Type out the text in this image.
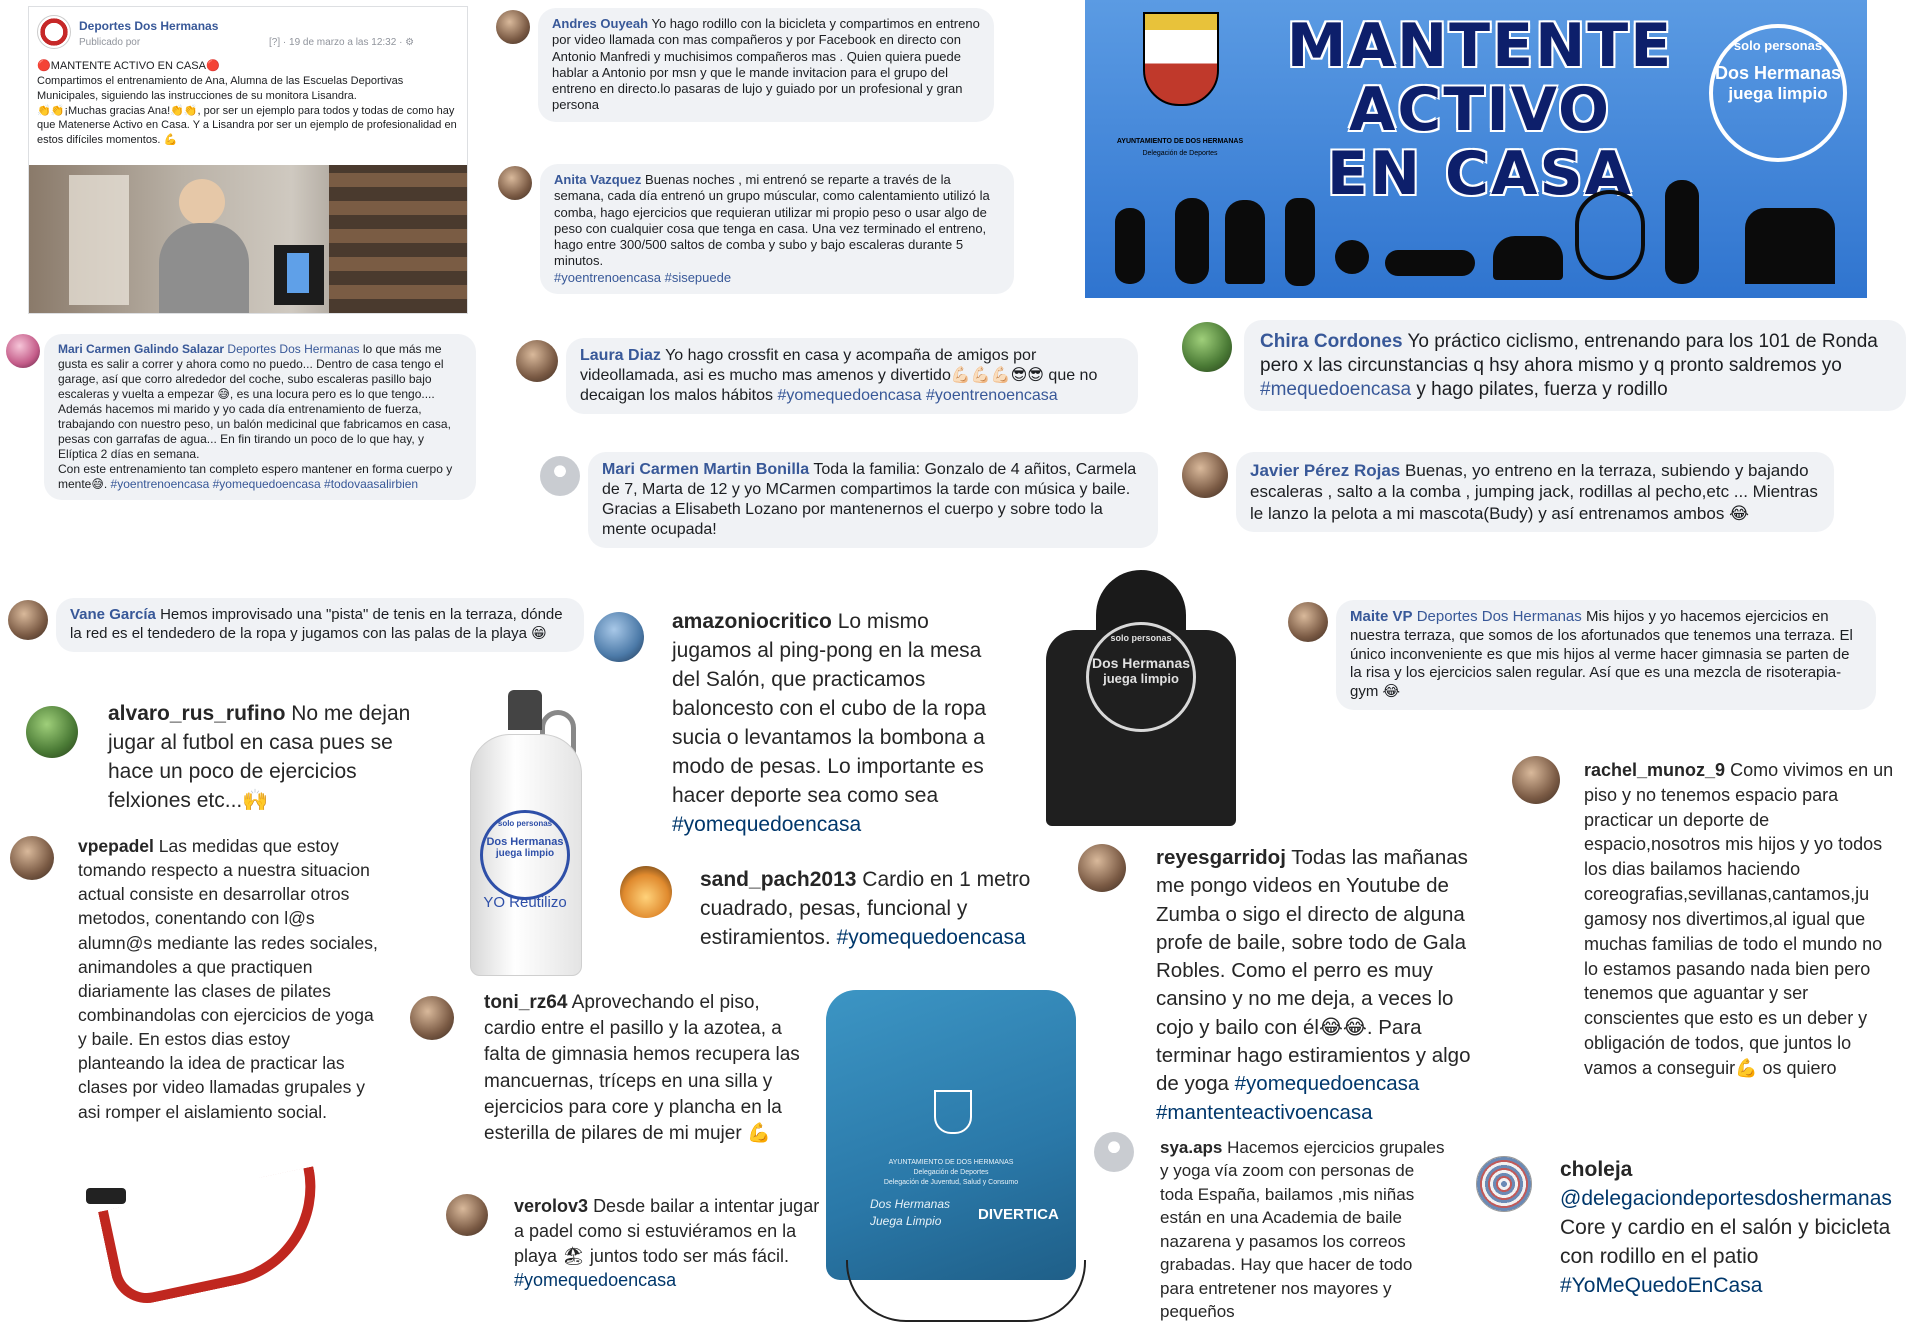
Deportes Dos Hermanas
Publicado por	[?] · 19 de marzo a las 12:32 · ⚙
🔴MANTENTE ACTIVO EN CASA🔴
Compartimos el entrenamiento de Ana, Alumna de las Escuelas Deportivas Municipales, siguiendo las instrucciones de su monitora Lisandra.
👏👏¡Muchas gracias Ana!👏👏, por ser un ejemplo para todos y todas de como hay que Matenerse Activo en Casa. Y a Lisandra por ser un ejemplo de profesionalidad en estos difíciles momentos. 💪	AYUNTAMIENTO DE DOS HERMANAS
Delegación de Deportes
MANTENTE
ACTIVO
EN CASA
solo personas
Dos Hermanas
juega limpio
Andres Ouyeah Yo hago rodillo con la bicicleta y compartimos en entreno por video llamada con mas compañeros y por Facebook en directo con Antonio Manfredi y muchisimos compañeros mas . Quien quiera puede hablar a Antonio por msn y que le mande invitacion para el grupo del entreno en directo.lo pasaras de lujo y guiado por un profesional y gran persona
Anita Vazquez Buenas noches , mi entrenó se reparte a través de la semana, cada día entrenó un grupo múscular, como calentamiento utilizó la comba, hago ejercicios que requieran utilizar mi propio peso o usar algo de peso con cualquier cosa que tenga en casa. Una vez terminado el entreno, hago entre 300/500 saltos de comba y subo y bajo escaleras durante 5 minutos.
#yoentrenoencasa #sisepuede
Mari Carmen Galindo Salazar Deportes Dos Hermanas lo que más me gusta es salir a correr y ahora como no puedo... Dentro de casa tengo el garage, así que corro alrededor del coche, subo escaleras pasillo bajo escaleras y vuelta a empezar 😅, es una locura pero es lo que tengo....

Además hacemos mi marido y yo cada día entrenamiento de fuerza, trabajando con nuestro peso, un balón medicinal que fabricamos en casa, pesas con garrafas de agua... En fin tirando un poco de lo que hay, y Elíptica 2 días en semana.

Con este entrenamiento tan completo espero mantener en forma cuerpo y mente😅. #yoentrenoencasa #yomequedoencasa #todovaasalirbien

Laura Diaz Yo hago crossfit en casa y acompaña de amigos por videollamada, asi es mucho mas amenos y divertido💪🏻💪🏻💪🏻😎😎 que no decaigan los malos hábitos #yomequedoencasa #yoentrenoencasa
Mari Carmen Martin Bonilla Toda la familia: Gonzalo de 4 añitos, Carmela de 7, Marta de 12 y yo MCarmen compartimos la tarde con música y baile. Gracias a Elisabeth Lozano por mantenernos el cuerpo y sobre todo la mente ocupada!
Chira Cordones Yo práctico ciclismo, entrenando para los 101 de Ronda pero x las circunstancias q hsy ahora mismo y q pronto saldremos yo #mequedoencasa y hago pilates, fuerza y rodillo
Javier Pérez Rojas Buenas, yo entreno en la terraza, subiendo y bajando escaleras , salto a la comba , jumping jack, rodillas al pecho,etc ... Mientras le lanzo la pelota a mi mascota(Budy) y así entrenamos ambos 😂
Vane García Hemos improvisado una "pista" de tenis en la terraza, dónde la red es el tendedero de la ropa y jugamos con las palas de la playa 😁
Maite VP Deportes Dos Hermanas Mis hijos y yo hacemos ejercicios en nuestra terraza, que somos de los afortunados que tenemos una terraza. El único inconveniente es que mis hijos al verme hacer gimnasia se parten de la risa y los ejercicios salen regular. Así que es una mezcla de risoterapia-gym 😂
amazoniocritico Lo mismo jugamos al ping-pong en la mesa del Salón, que practicamos baloncesto con el cubo de la ropa sucia o levantamos la bombona a modo de pesas. Lo importante es hacer deporte sea como sea #yomequedoencasa
alvaro_rus_rufino No me dejan jugar al futbol en casa pues se hace un poco de ejercicios felxiones etc...🙌
vpepadel Las medidas que estoy tomando respecto a nuestra situacion actual consiste en desarrollar otros metodos, conentando con l@s alumn@s mediante las redes sociales, animandoles a que practiquen diariamente las clases de pilates combinandolas con ejercicios de yoga y baile. En estos dias estoy planteando la idea de practicar las clases por video llamadas grupales y asi romper el aislamiento social.
sand_pach2013 Cardio en 1 metro cuadrado, pesas, funcional y estiramientos. #yomequedoencasa
toni_rz64 Aprovechando el piso, cardio entre el pasillo y la azotea, a falta de gimnasia hemos recupera las mancuernas, tríceps en una silla y ejercicios para core y plancha en la esterilla de pilares de mi mujer 💪
verolov3 Desde bailar a intentar jugar a padel como si estuviéramos en la playa 🏖 juntos todo ser más fácil. #yomequedoencasa
reyesgarridoj Todas las mañanas me pongo videos en Youtube de Zumba o sigo el directo de alguna profe de baile, sobre todo de Gala Robles. Como el perro es muy cansino y no me deja, a veces lo cojo y bailo con él😂😂. Para terminar hago estiramientos y algo de yoga #yomequedoencasa #mantenteactivoencasa
rachel_munoz_9 Como vivimos en un piso y no tenemos espacio para practicar un deporte de espacio,nosotros mis hijos y yo todos los dias bailamos haciendo coreografias,sevillanas,cantamos,ju gamosy nos divertimos,al igual que muchas familias de todo el mundo no lo estamos pasando nada bien pero tenemos que aguantar y ser conscientes que esto es un deber y obligación de todos, que juntos lo vamos a conseguir💪 os quiero
sya.aps Hacemos ejercicios grupales y yoga vía zoom con personas de toda España, bailamos ,mis niñas están en una Academia de baile nazarena y pasamos los correos grabadas. Hay que hacer de todo para entretener nos mayores y pequeños
choleja
@delegaciondeportesdoshermanas Core y cardio en el salón y bicicleta con rodillo en el patio #YoMeQuedoEnCasa
solo personas
Dos Hermanas
juega limpio
YO Reutilizo
solo personas
Dos Hermanas
juega limpio
AYUNTAMIENTO DE DOS HERMANAS
Delegación de Deportes
Delegación de Juventud, Salud y Consumo
Dos Hermanas
Juega Limpio	DIVERTICA
